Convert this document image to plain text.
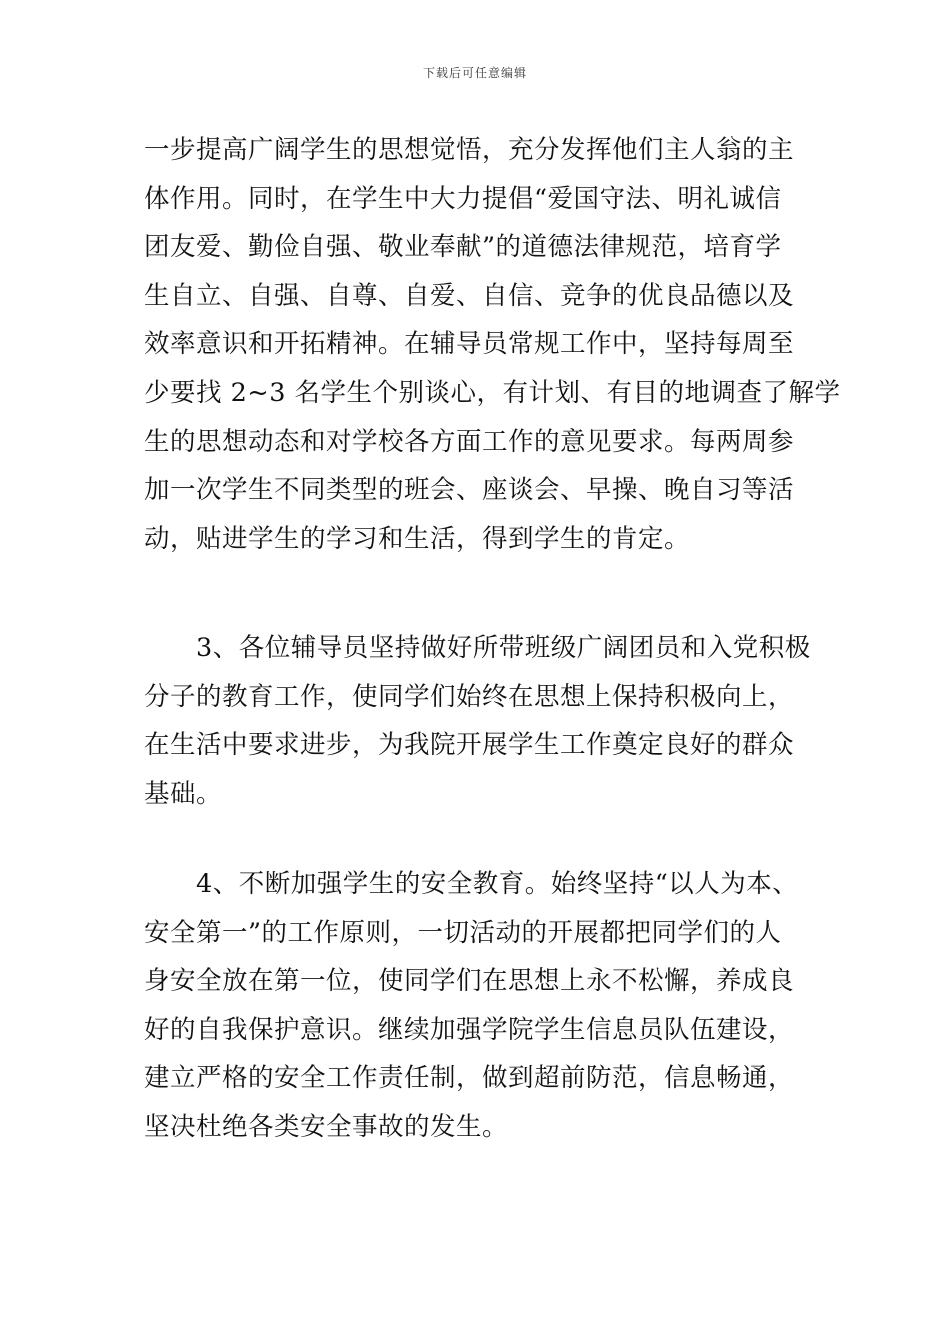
下载后可任意编辑

一步提高广阔学生的思想觉悟，充分发挥他们主人翁的主
体作用。同时，在学生中大力提倡“爱国守法、明礼诚信
团友爱、勤俭自强、敬业奉献”的道德法律规范，培育学
生自立、自强、自尊、自爱、自信、竞争的优良品德以及
效率意识和开拓精神。在辅导员常规工作中，坚持每周至
少要找 2~3 名学生个别谈心，有计划、有目的地调查了解学
生的思想动态和对学校各方面工作的意见要求。每两周参
加一次学生不同类型的班会、座谈会、早操、晚自习等活
动，贴进学生的学习和生活，得到学生的肯定。

3、各位辅导员坚持做好所带班级广阔团员和入党积极
分子的教育工作，使同学们始终在思想上保持积极向上，
在生活中要求进步，为我院开展学生工作奠定良好的群众
基础。

4、不断加强学生的安全教育。始终坚持“以人为本、
安全第一”的工作原则，一切活动的开展都把同学们的人
身安全放在第一位，使同学们在思想上永不松懈，养成良
好的自我保护意识。继续加强学院学生信息员队伍建设，
建立严格的安全工作责任制，做到超前防范，信息畅通，
坚决杜绝各类安全事故的发生。
